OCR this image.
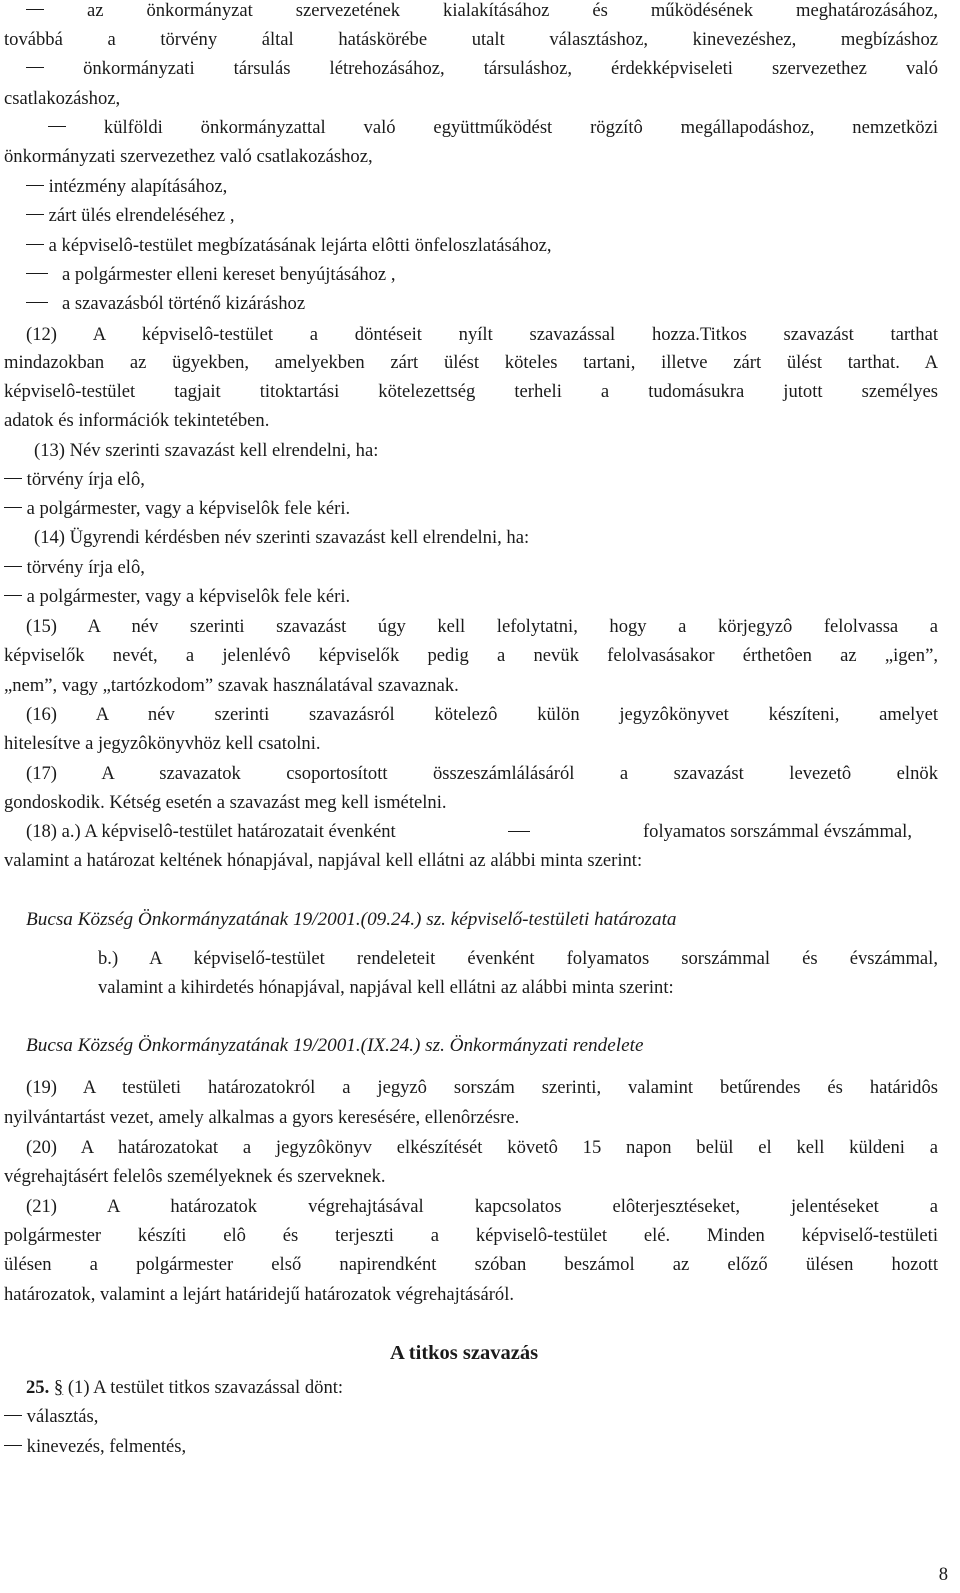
az önkormányzat szervezetének kialakításához és működésének meghatározásához,
továbbá a törvény által hatáskörébe utalt választáshoz, kinevezéshez, megbízáshoz
önkormányzati társulás létrehozásához, társuláshoz, érdekképviseleti szervezethez való
csatlakozáshoz,
külföldi önkormányzattal való együttműködést rögzítô megállapodáshoz, nemzetközi
önkormányzati szervezethez való csatlakozáshoz,
intézmény alapításához,
zárt ülés elrendeléséhez ,
a képviselô-testület megbízatásának lejárta elôtti önfeloszlatásához,
a polgármester elleni kereset benyújtásához ,
a szavazásból történő kizáráshoz
(12) A képviselô-testület a döntéseit nyílt szavazással hozza.Titkos szavazást tarthat
mindazokban az ügyekben, amelyekben zárt ülést köteles tartani, illetve zárt ülést tarthat. A
képviselô-testület tagjait titoktartási kötelezettség terheli a tudomásukra jutott személyes
adatok és információk tekintetében.
(13) Név szerinti szavazást kell elrendelni, ha:
törvény írja elô,
a polgármester, vagy a képviselôk fele kéri.
(14) Ügyrendi kérdésben név szerinti szavazást kell elrendelni, ha:
törvény írja elô,
a polgármester, vagy a képviselôk fele kéri.
(15) A név szerinti szavazást úgy kell lefolytatni, hogy a körjegyzô felolvassa a
képviselők nevét, a jelenlévô képviselők pedig a nevük felolvasásakor érthetôen az „igen”,
„nem”, vagy „tartózkodom” szavak használatával szavaznak.
(16) A név szerinti szavazásról kötelezô külön jegyzôkönyvet készíteni, amelyet
hitelesítve a jegyzôkönyvhöz kell csatolni.
(17) A szavazatok csoportosított összeszámlálásáról a szavazást levezetô elnök
gondoskodik. Kétség esetén a szavazást meg kell ismételni.
(18) a.) A képviselô-testület határozatait évenként	folyamatos sorszámmal évszámmal,
valamint a határozat keltének hónapjával, napjával kell ellátni az alábbi minta szerint:
Bucsa Község Önkormányzatának 19/2001.(09.24.) sz. képviselő-testületi határozata
b.) A képviselő-testület rendeleteit évenként folyamatos sorszámmal és évszámmal,
valamint a kihirdetés hónapjával, napjával kell ellátni az alábbi minta szerint:
Bucsa Község Önkormányzatának 19/2001.(IX.24.) sz. Önkormányzati rendelete
(19) A testületi határozatokról a jegyzô sorszám szerinti, valamint betűrendes és határidôs
nyilvántartást vezet, amely alkalmas a gyors keresésére, ellenôrzésre.
(20) A határozatokat a jegyzôkönyv elkészítését követô 15 napon belül el kell küldeni a
végrehajtásért felelôs személyeknek és szerveknek.
(21) A határozatok végrehajtásával kapcsolatos elôterjesztéseket, jelentéseket a
polgármester készíti elô és terjeszti a képviselô-testület elé. Minden képviselő-testületi
ülésen a polgármester első napirendként szóban beszámol az előző ülésen hozott
határozatok, valamint a lejárt határidejű határozatok végrehajtásáról.
A titkos szavazás
25. § (1) A testület titkos szavazással dönt:
választás,
kinevezés, felmentés,
8
